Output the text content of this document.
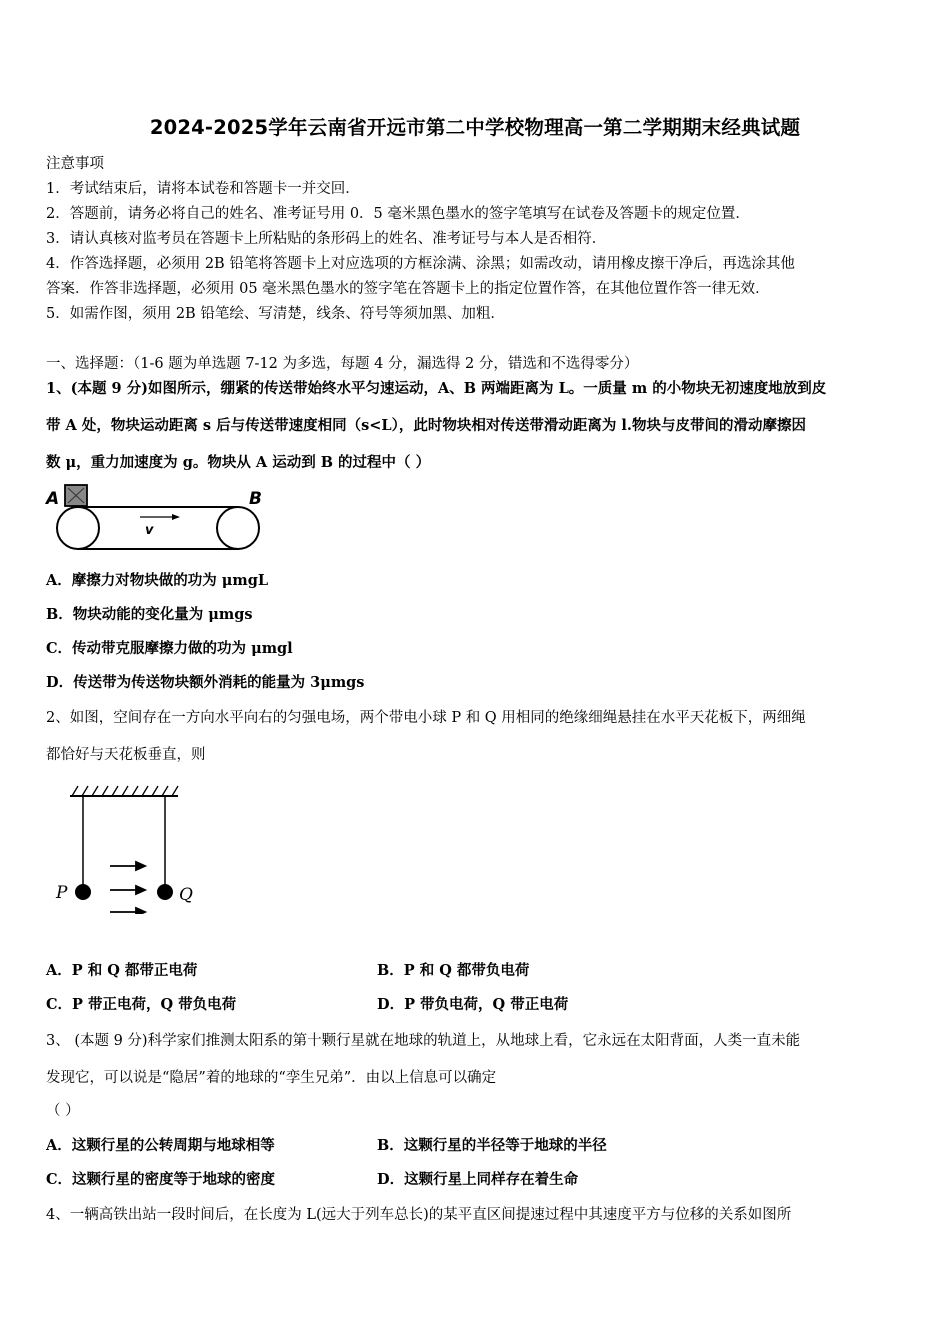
2024-2025学年云南省开远市第二中学校物理高一第二学期期末经典试题
注意事项
1．考试结束后，请将本试卷和答题卡一并交回．
2．答题前，请务必将自己的姓名、准考证号用 0．5 毫米黑色墨水的签字笔填写在试卷及答题卡的规定位置．
3．请认真核对监考员在答题卡上所粘贴的条形码上的姓名、准考证号与本人是否相符．
4．作答选择题，必须用 2B 铅笔将答题卡上对应选项的方框涂满、涂黑；如需改动，请用橡皮擦干净后，再选涂其他
答案．作答非选择题，必须用 05 毫米黑色墨水的签字笔在答题卡上的指定位置作答，在其他位置作答一律无效．
5．如需作图，须用 2B 铅笔绘、写清楚，线条、符号等须加黑、加粗．
一、选择题：（1-6 题为单选题 7-12 为多选，每题 4 分，漏选得 2 分，错选和不选得零分）
1、(本题 9 分)如图所示，绷紧的传送带始终水平匀速运动，A、B 两端距离为 L。一质量 m 的小物块无初速度地放到皮
带 A 处，物块运动距离 s 后与传送带速度相同（s<L），此时物块相对传送带滑动距离为 l.物块与皮带间的滑动摩擦因
数 μ，重力加速度为 g。物块从 A 运动到 B 的过程中（ ）
A	B
v
A．摩擦力对物块做的功为 μmgL
B．物块动能的变化量为 μmgs
C．传动带克服摩擦力做的功为 μmgl
D．传送带为传送物块额外消耗的能量为 3μmgs
2、如图，空间存在一方向水平向右的匀强电场，两个带电小球 P 和 Q 用相同的绝缘细绳悬挂在水平天花板下，两细绳
都恰好与天花板垂直，则
P	Q
A．P 和 Q 都带正电荷	B．P 和 Q 都带负电荷
C．P 带正电荷，Q 带负电荷	D．P 带负电荷，Q 带正电荷
3、 (本题 9 分)科学家们推测太阳系的第十颗行星就在地球的轨道上，从地球上看，它永远在太阳背面，人类一直未能
发现它，可以说是“隐居”着的地球的“孪生兄弟”．由以上信息可以确定
（ ）
A．这颗行星的公转周期与地球相等	B．这颗行星的半径等于地球的半径
C．这颗行星的密度等于地球的密度	D．这颗行星上同样存在着生命
4、一辆高铁出站一段时间后，在长度为 L(远大于列车总长)的某平直区间提速过程中其速度平方与位移的关系如图所
